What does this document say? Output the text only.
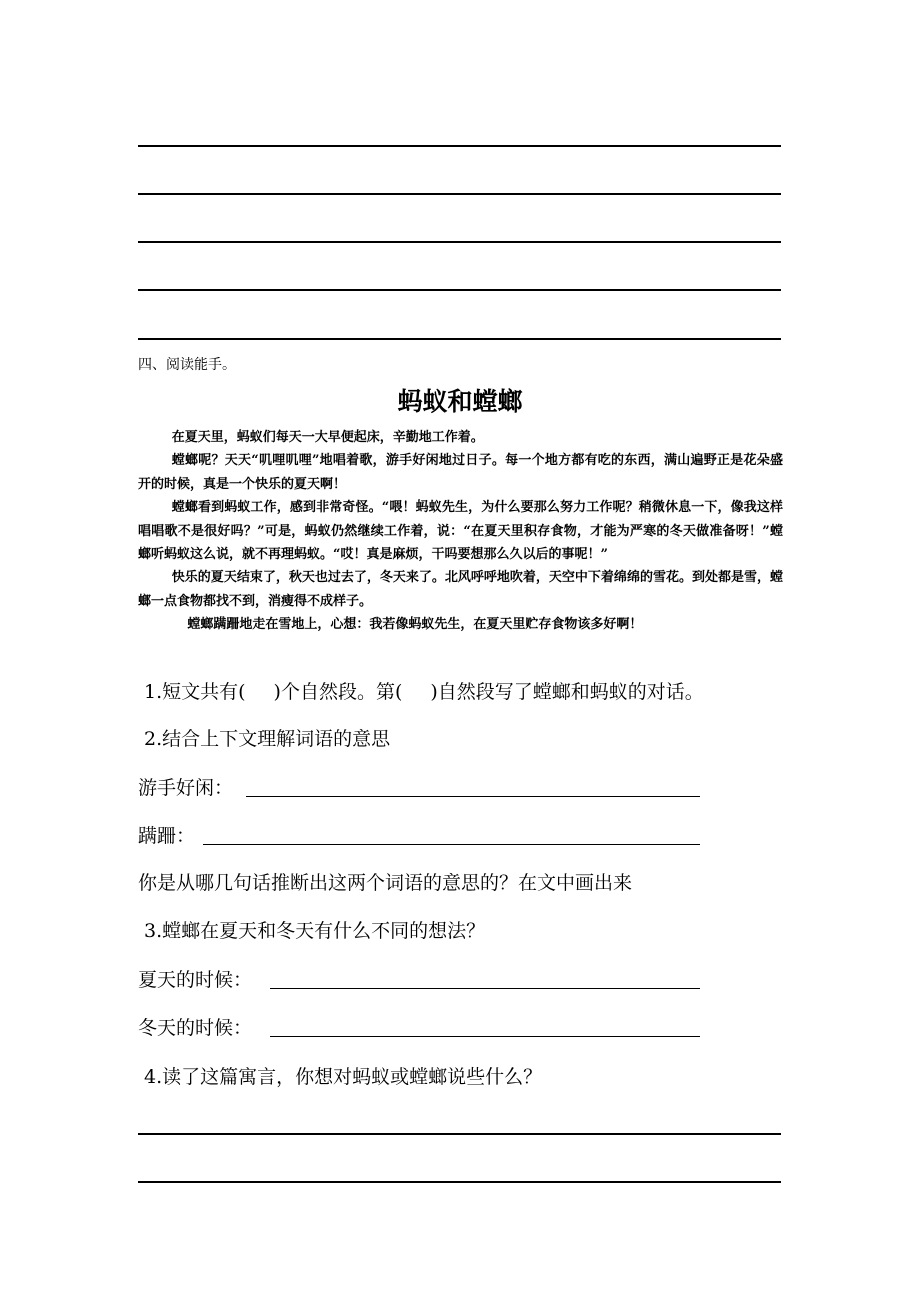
四、阅读能手。
蚂蚁和螳螂

在夏天里，蚂蚁们每天一大早便起床，辛勤地工作着。

螳螂呢？天天“叽哩叽哩”地唱着歌，游手好闲地过日子。每一个地方都有吃的东西，满山遍野正是花朵盛开的时候，真是一个快乐的夏天啊！

螳螂看到蚂蚁工作，感到非常奇怪。“喂！蚂蚁先生，为什么要那么努力工作呢？稍微休息一下，像我这样唱唱歌不是很好吗？”可是，蚂蚁仍然继续工作着，说：“在夏天里积存食物，才能为严寒的冬天做准备呀！”螳螂听蚂蚁这么说，就不再理蚂蚁。“哎！真是麻烦，干吗要想那么久以后的事呢！”

快乐的夏天结束了，秋天也过去了，冬天来了。北风呼呼地吹着，天空中下着绵绵的雪花。到处都是雪，螳螂一点食物都找不到，消瘦得不成样子。

螳螂蹒跚地走在雪地上，心想：我若像蚂蚁先生，在夏天里贮存食物该多好啊！

1.短文共有( )个自然段。第( )自然段写了螳螂和蚂蚁的对话。
2.结合上下文理解词语的意思
游手好闲：
蹒跚：
你是从哪几句话推断出这两个词语的意思的？在文中画出来
3.螳螂在夏天和冬天有什么不同的想法？
夏天的时候：
冬天的时候：
4.读了这篇寓言，你想对蚂蚁或螳螂说些什么？
